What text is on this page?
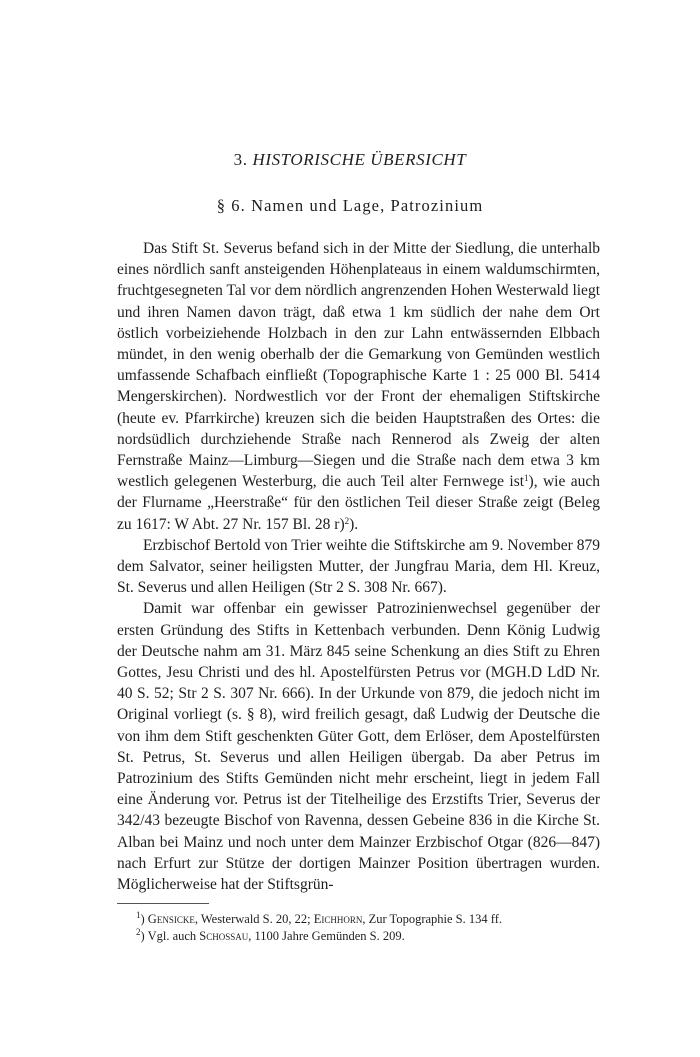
3. HISTORISCHE ÜBERSICHT
§ 6. Namen und Lage, Patrozinium

Das Stift St. Severus befand sich in der Mitte der Siedlung, die unterhalb eines nördlich sanft ansteigenden Höhenplateaus in einem waldumschirmten, fruchtgesegneten Tal vor dem nördlich angrenzenden Hohen Westerwald liegt und ihren Namen davon trägt, daß etwa 1 km südlich der nahe dem Ort östlich vorbeiziehende Holzbach in den zur Lahn entwässernden Elbbach mündet, in den wenig oberhalb der die Gemarkung von Gemünden westlich umfassende Schafbach einfließt (Topographische Karte 1 : 25 000 Bl. 5414 Mengerskirchen). Nordwestlich vor der Front der ehemaligen Stiftskirche (heute ev. Pfarrkirche) kreuzen sich die beiden Hauptstraßen des Ortes: die nordsüdlich durchziehende Straße nach Rennerod als Zweig der alten Fernstraße Mainz—Limburg—Siegen und die Straße nach dem etwa 3 km westlich gelegenen Westerburg, die auch Teil alter Fernwege ist$^1$), wie auch der Flurname „Heerstraße“ für den östlichen Teil dieser Straße zeigt (Beleg zu 1617: W Abt. 27 Nr. 157 Bl. 28 r)$^2$).

Erzbischof Bertold von Trier weihte die Stiftskirche am 9. November 879 dem Salvator, seiner heiligsten Mutter, der Jungfrau Maria, dem Hl. Kreuz, St. Severus und allen Heiligen (Str 2 S. 308 Nr. 667).

Damit war offenbar ein gewisser Patrozinienwechsel gegenüber der ersten Gründung des Stifts in Kettenbach verbunden. Denn König Ludwig der Deutsche nahm am 31. März 845 seine Schenkung an dies Stift zu Ehren Gottes, Jesu Christi und des hl. Apostelfürsten Petrus vor (MGH.D LdD Nr. 40 S. 52; Str 2 S. 307 Nr. 666). In der Urkunde von 879, die jedoch nicht im Original vorliegt (s. § 8), wird freilich gesagt, daß Ludwig der Deutsche die von ihm dem Stift geschenkten Güter Gott, dem Erlöser, dem Apostelfürsten St. Petrus, St. Severus und allen Heiligen übergab. Da aber Petrus im Patrozinium des Stifts Gemünden nicht mehr erscheint, liegt in jedem Fall eine Änderung vor. Petrus ist der Titelheilige des Erzstifts Trier, Severus der 342/43 bezeugte Bischof von Ravenna, dessen Gebeine 836 in die Kirche St. Alban bei Mainz und noch unter dem Mainzer Erzbischof Otgar (826—847) nach Erfurt zur Stütze der dortigen Mainzer Position übertragen wurden. Möglicherweise hat der Stiftsgrün-

$^1$) Gensicke, Westerwald S. 20, 22; Eichhorn, Zur Topographie S. 134 ff.

$^2$) Vgl. auch Schossau, 1100 Jahre Gemünden S. 209.
